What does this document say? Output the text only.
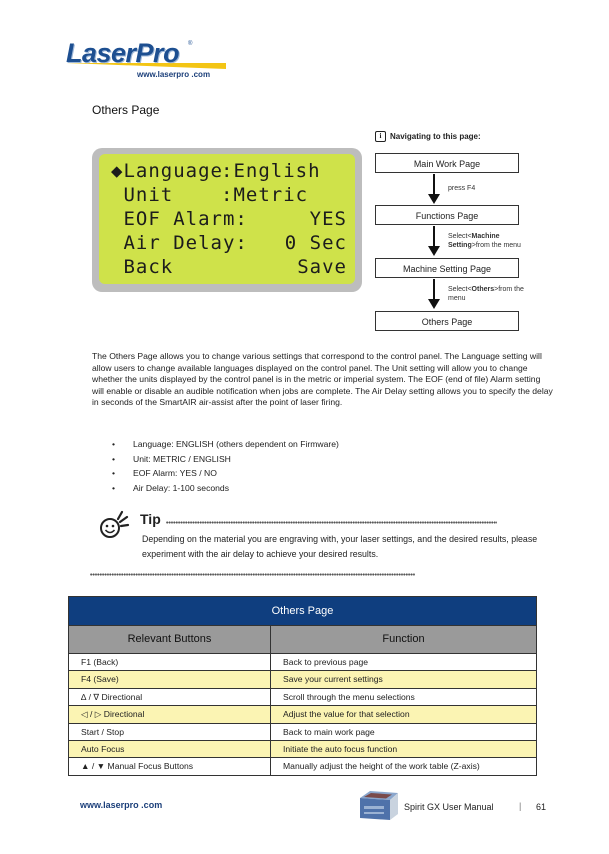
LaserPro ®
www.laserpro .com
Others Page
◆Language
:English
Unit	:Metric
EOF Alarm:	YES
Air Delay: 0 Sec
Back	Save
i	Navigating to this page:
Main Work Page
press F4
Functions Page
Select<Machine Setting>from the menu
Machine Setting Page
Select<Others>from the menu
Others Page
The Others Page allows you to change various settings that correspond to the control panel. The Language setting will allow users to change available languages displayed on the control panel. The Unit setting will allow you to change whether the units displayed by the control panel is in the metric or imperial system. The EOF (end of file) Alarm setting will enable or disable an audible notification when jobs are complete. The Air Delay setting allows you to specify the delay in seconds of the SmartAIR air-assist after the point of laser firing.
• Language: ENGLISH (others dependent on Firmware)
• Unit: METRIC / ENGLISH
• EOF Alarm: YES / NO
• Air Delay: 1-100 seconds
Tip
Depending on the material you are engraving with, your laser settings, and the desired results, please experiment with the air delay to achieve your desired results.
Others Page
Relevant Buttons	Function
F1 (Back)	Back to previous page
F4 (Save)	Save your current settings
∆ / ∇ Directional	Scroll through the menu selections
◁ / ▷ Directional	Adjust the value for that selection
Start / Stop	Back to main work page
Auto Focus	Initiate the auto focus function
▲ / ▼ Manual Focus Buttons	Manually adjust the height of the work table (Z-axis)
www.laserpro .com	Spirit GX User Manual	| 61
